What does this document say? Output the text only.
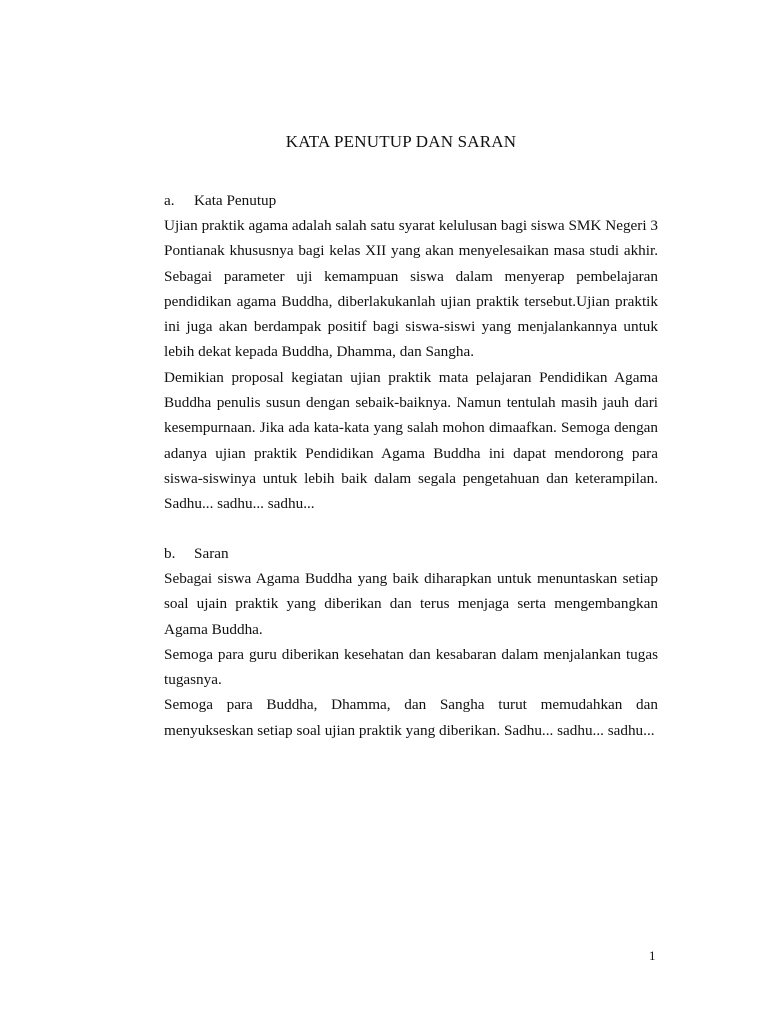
KATA PENUTUP DAN SARAN
a. Kata Penutup

Ujian praktik agama adalah salah satu syarat kelulusan bagi siswa SMK Negeri 3 Pontianak khususnya bagi kelas XII yang akan menyelesaikan masa studi akhir. Sebagai parameter uji kemampuan siswa dalam menyerap pembelajaran pendidikan agama Buddha, diberlakukanlah ujian praktik tersebut.Ujian praktik ini juga akan berdampak positif bagi siswa-siswi yang menjalankannya untuk lebih dekat kepada Buddha, Dhamma, dan Sangha.

Demikian proposal kegiatan ujian praktik mata pelajaran Pendidikan Agama Buddha penulis susun dengan sebaik-baiknya. Namun tentulah masih jauh dari kesempurnaan. Jika ada kata-kata yang salah mohon dimaafkan. Semoga dengan adanya ujian praktik Pendidikan Agama Buddha ini dapat mendorong para siswa-siswinya untuk lebih baik dalam segala pengetahuan dan keterampilan. Sadhu... sadhu... sadhu...

b. Saran

Sebagai siswa Agama Buddha yang baik diharapkan untuk menuntaskan setiap soal ujain praktik yang diberikan dan terus menjaga serta mengembangkan Agama Buddha.

Semoga para guru diberikan kesehatan dan kesabaran dalam menjalankan tugas tugasnya.

Semoga para Buddha, Dhamma, dan Sangha turut memudahkan dan menyukseskan setiap soal ujian praktik yang diberikan. Sadhu... sadhu... sadhu...

1
